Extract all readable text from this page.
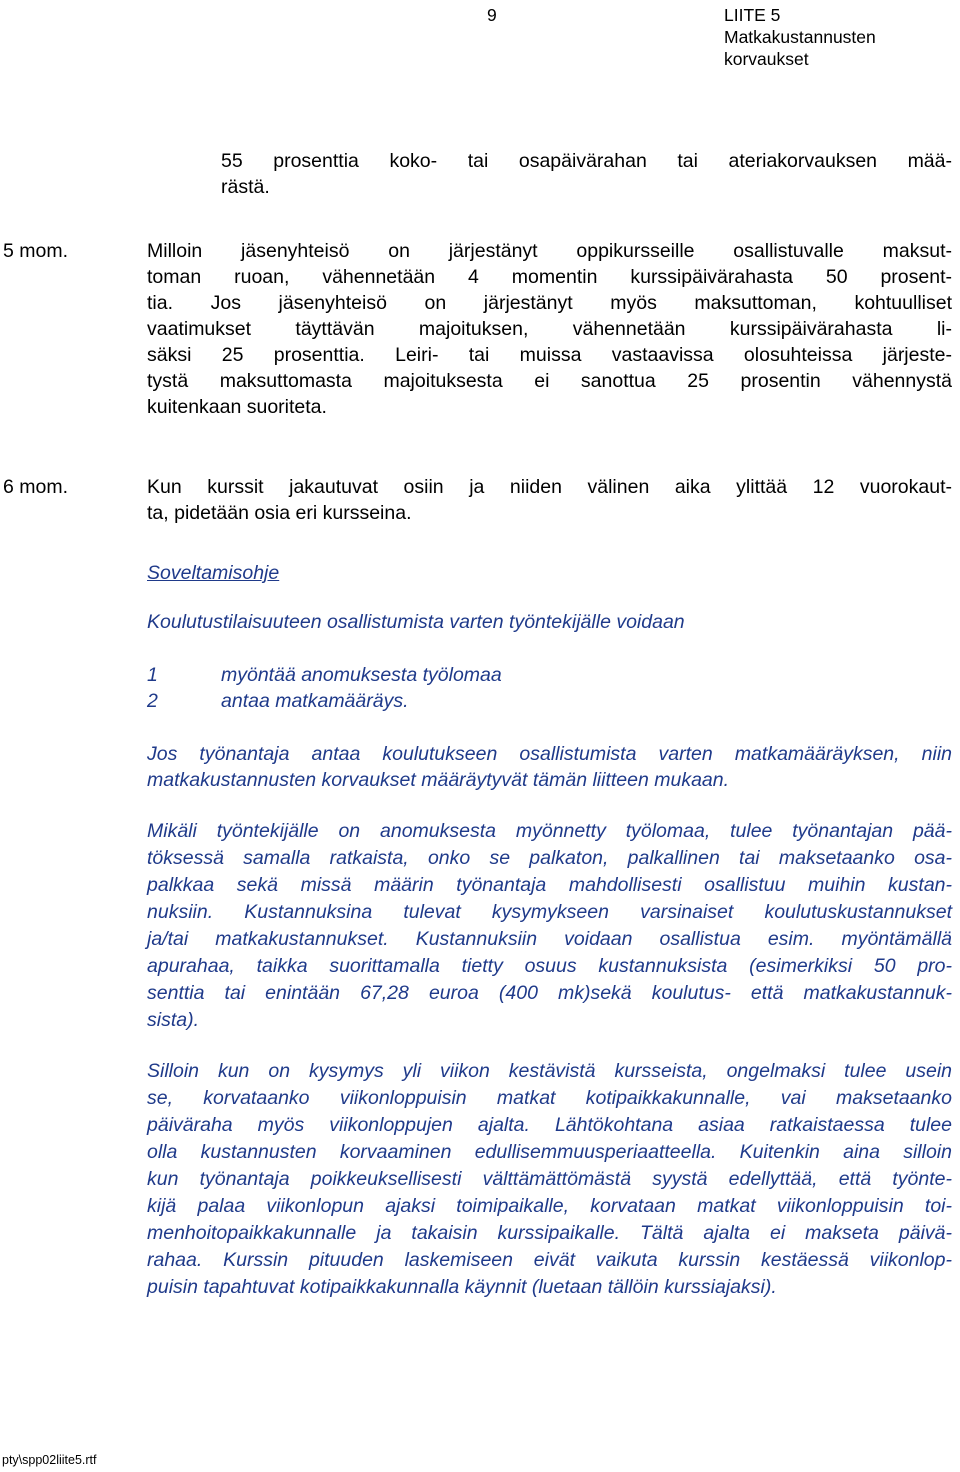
9	LIITE 5
Matkakustannusten
korvaukset
55 prosenttia koko- tai osapäivärahan tai ateriakorvauksen mää-
rästä.
5 mom.	Milloin jäsenyhteisö on järjestänyt oppikursseille osallistuvalle maksut-
toman ruoan, vähennetään 4 momentin kurssipäivärahasta 50 prosent-
tia. Jos jäsenyhteisö on järjestänyt myös maksuttoman, kohtuulliset
vaatimukset täyttävän majoituksen, vähennetään kurssipäivärahasta li-
säksi 25 prosenttia. Leiri- tai muissa vastaavissa olosuhteissa järjeste-
tystä maksuttomasta majoituksesta ei sanottua 25 prosentin vähennystä
kuitenkaan suoriteta.
6 mom.	Kun kurssit jakautuvat osiin ja niiden välinen aika ylittää 12 vuorokaut-
ta, pidetään osia eri kursseina.
Soveltamisohje
Koulutustilaisuuteen osallistumista varten työntekijälle voidaan
1	myöntää anomuksesta työlomaa
2	antaa matkamääräys.
Jos työnantaja antaa koulutukseen osallistumista varten matkamääräyksen, niin
matkakustannusten korvaukset määräytyvät tämän liitteen mukaan.
Mikäli työntekijälle on anomuksesta myönnetty työlomaa, tulee työnantajan pää-
töksessä samalla ratkaista, onko se palkaton, palkallinen tai maksetaanko osa-
palkkaa sekä missä määrin työnantaja mahdollisesti osallistuu muihin kustan-
nuksiin. Kustannuksina tulevat kysymykseen varsinaiset koulutuskustannukset
ja/tai matkakustannukset. Kustannuksiin voidaan osallistua esim. myöntämällä
apurahaa, taikka suorittamalla tietty osuus kustannuksista (esimerkiksi 50 pro-
senttia tai enintään 67,28 euroa (400 mk)sekä koulutus- että matkakustannuk-
sista).
Silloin kun on kysymys yli viikon kestävistä kursseista, ongelmaksi tulee usein
se, korvataanko viikonloppuisin matkat kotipaikkakunnalle, vai maksetaanko
päiväraha myös viikonloppujen ajalta. Lähtökohtana asiaa ratkaistaessa tulee
olla kustannusten korvaaminen edullisemmuusperiaatteella. Kuitenkin aina silloin
kun työnantaja poikkeuksellisesti välttämättömästä syystä edellyttää, että työnte-
kijä palaa viikonlopun ajaksi toimipaikalle, korvataan matkat viikonloppuisin toi-
menhoitopaikkakunnalle ja takaisin kurssipaikalle. Tältä ajalta ei makseta päivä-
rahaa. Kurssin pituuden laskemiseen eivät vaikuta kurssin kestäessä viikonlop-
puisin tapahtuvat kotipaikkakunnalla käynnit (luetaan tällöin kurssiajaksi).
pty\spp02liite5.rtf
